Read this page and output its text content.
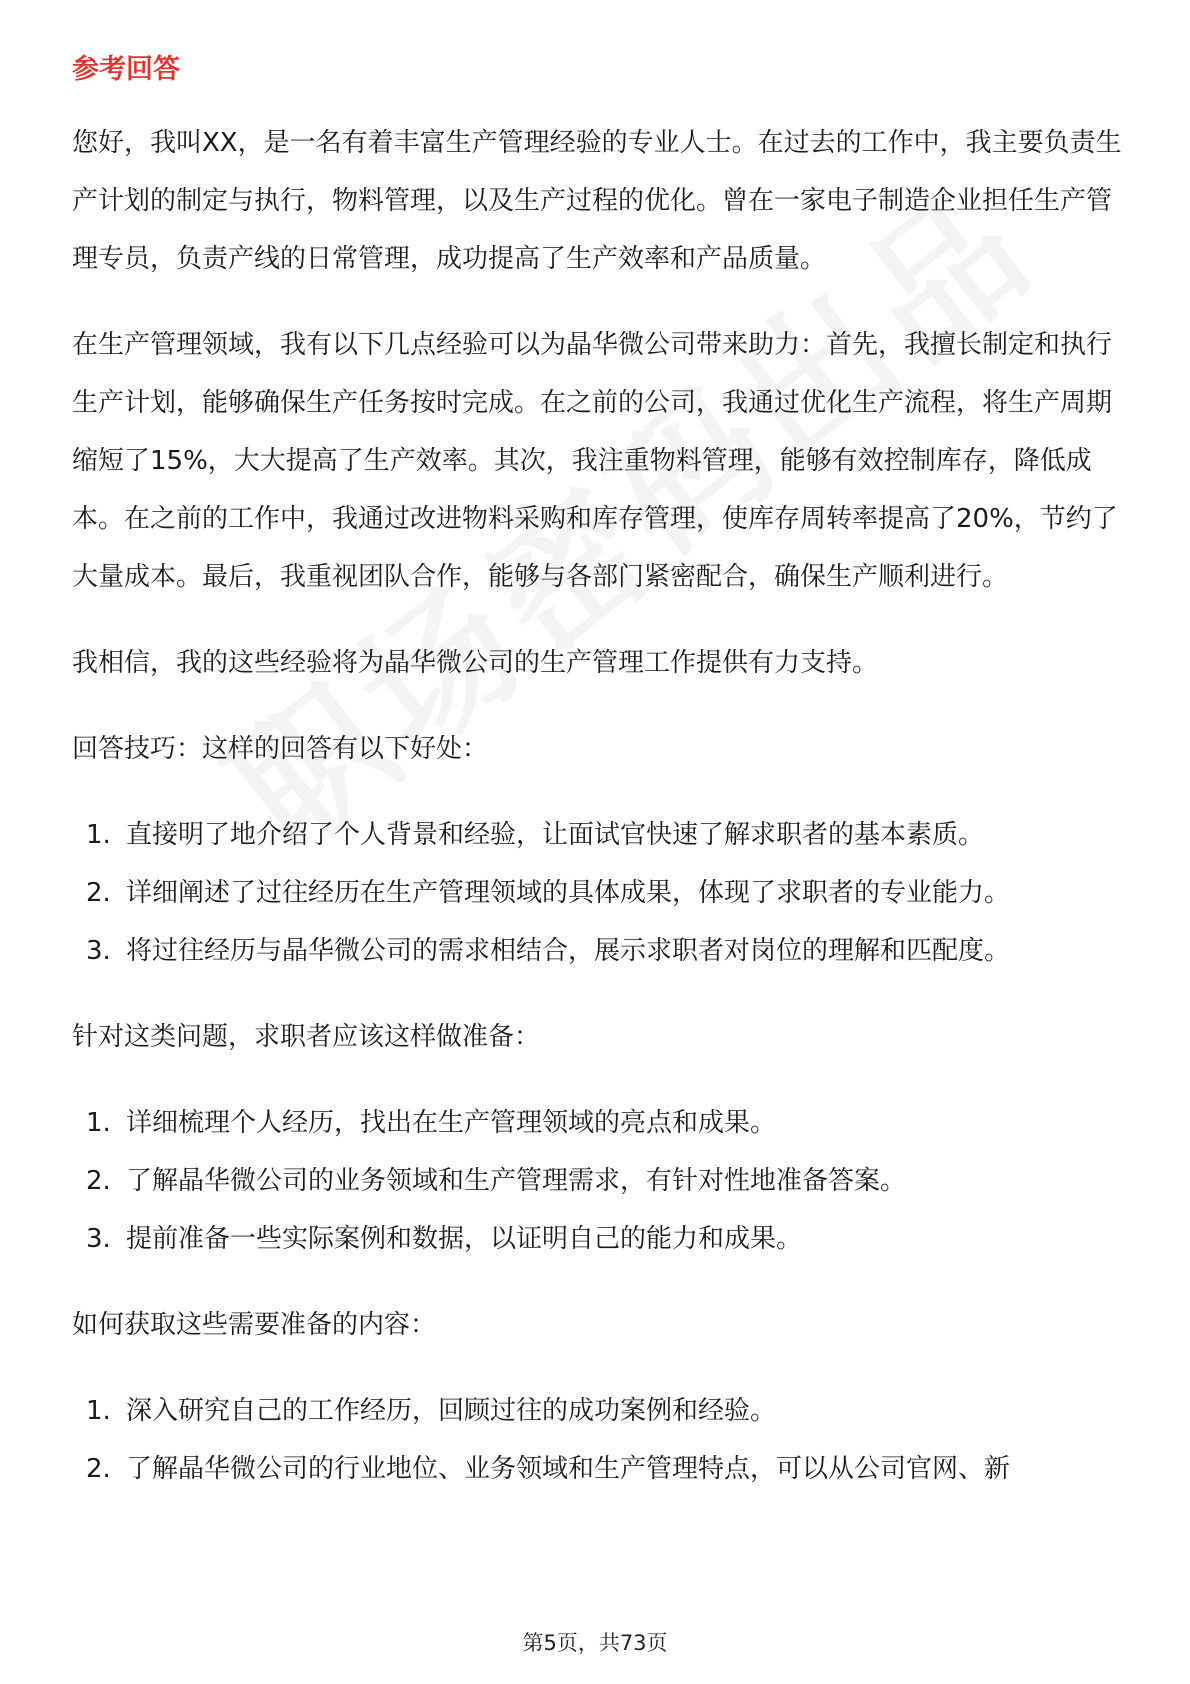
参考回答

您好，我叫XX，是一名有着丰富生产管理经验的专业人士。在过去的工作中，我主要负责生产计划的制定与执行，物料管理，以及生产过程的优化。曾在一家电子制造企业担任生产管理专员，负责产线的日常管理，成功提高了生产效率和产品质量。

在生产管理领域，我有以下几点经验可以为晶华微公司带来助力：首先，我擅长制定和执行生产计划，能够确保生产任务按时完成。在之前的公司，我通过优化生产流程，将生产周期缩短了15%，大大提高了生产效率。其次，我注重物料管理，能够有效控制库存，降低成本。在之前的工作中，我通过改进物料采购和库存管理，使库存周转率提高了20%，节约了大量成本。最后，我重视团队合作，能够与各部门紧密配合，确保生产顺利进行。

我相信，我的这些经验将为晶华微公司的生产管理工作提供有力支持。

回答技巧：这样的回答有以下好处：

1. 直接明了地介绍了个人背景和经验，让面试官快速了解求职者的基本素质。
2. 详细阐述了过往经历在生产管理领域的具体成果，体现了求职者的专业能力。
3. 将过往经历与晶华微公司的需求相结合，展示求职者对岗位的理解和匹配度。

针对这类问题，求职者应该这样做准备：

1. 详细梳理个人经历，找出在生产管理领域的亮点和成果。
2. 了解晶华微公司的业务领域和生产管理需求，有针对性地准备答案。
3. 提前准备一些实际案例和数据，以证明自己的能力和成果。

如何获取这些需要准备的内容：

1. 深入研究自己的工作经历，回顾过往的成功案例和经验。
2. 了解晶华微公司的行业地位、业务领域和生产管理特点，可以从公司官网、新
第5页，共73页
